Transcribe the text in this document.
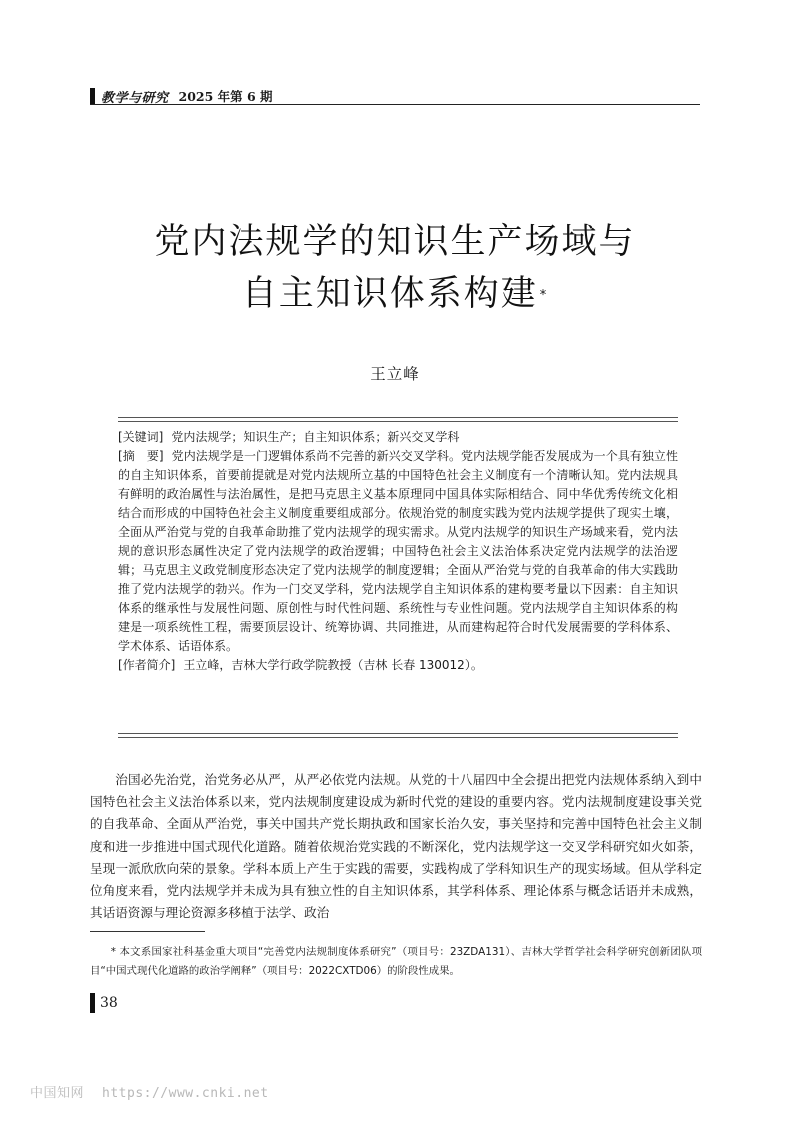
教学与研究 2025 年第 6 期
党内法规学的知识生产场域与
自主知识体系构建 *
王立峰

[关键词] 党内法规学；知识生产；自主知识体系；新兴交叉学科

[摘　要] 党内法规学是一门逻辑体系尚不完善的新兴交叉学科。党内法规学能否发展成为一个具有独立性的自主知识体系，首要前提就是对党内法规所立基的中国特色社会主义制度有一个清晰认知。党内法规具有鲜明的政治属性与法治属性，是把马克思主义基本原理同中国具体实际相结合、同中华优秀传统文化相结合而形成的中国特色社会主义制度重要组成部分。依规治党的制度实践为党内法规学提供了现实土壤，全面从严治党与党的自我革命助推了党内法规学的现实需求。从党内法规学的知识生产场域来看，党内法规的意识形态属性决定了党内法规学的政治逻辑；中国特色社会主义法治体系决定党内法规学的法治逻辑；马克思主义政党制度形态决定了党内法规学的制度逻辑；全面从严治党与党的自我革命的伟大实践助推了党内法规学的勃兴。作为一门交叉学科，党内法规学自主知识体系的建构要考量以下因素：自主知识体系的继承性与发展性问题、原创性与时代性问题、系统性与专业性问题。党内法规学自主知识体系的构建是一项系统性工程，需要顶层设计、统筹协调、共同推进，从而建构起符合时代发展需要的学科体系、学术体系、话语体系。

[作者简介] 王立峰，吉林大学行政学院教授（吉林 长春 130012）。

治国必先治党，治党务必从严，从严必依党内法规。从党的十八届四中全会提出把党内法规体系纳入到中国特色社会主义法治体系以来，党内法规制度建设成为新时代党的建设的重要内容。党内法规制度建设事关党的自我革命、全面从严治党，事关中国共产党长期执政和国家长治久安，事关坚持和完善中国特色社会主义制度和进一步推进中国式现代化道路。随着依规治党实践的不断深化，党内法规学这一交叉学科研究如火如荼，呈现一派欣欣向荣的景象。学科本质上产生于实践的需要，实践构成了学科知识生产的现实场域。但从学科定位角度来看，党内法规学并未成为具有独立性的自主知识体系，其学科体系、理论体系与概念话语并未成熟，其话语资源与理论资源多移植于法学、政治

* 本文系国家社科基金重大项目“完善党内法规制度体系研究”（项目号：23ZDA131）、吉林大学哲学社会科学研究创新团队项目“中国式现代化道路的政治学阐释”（项目号：2022CXTD06）的阶段性成果。

38
中国知网 https://www.cnki.net
